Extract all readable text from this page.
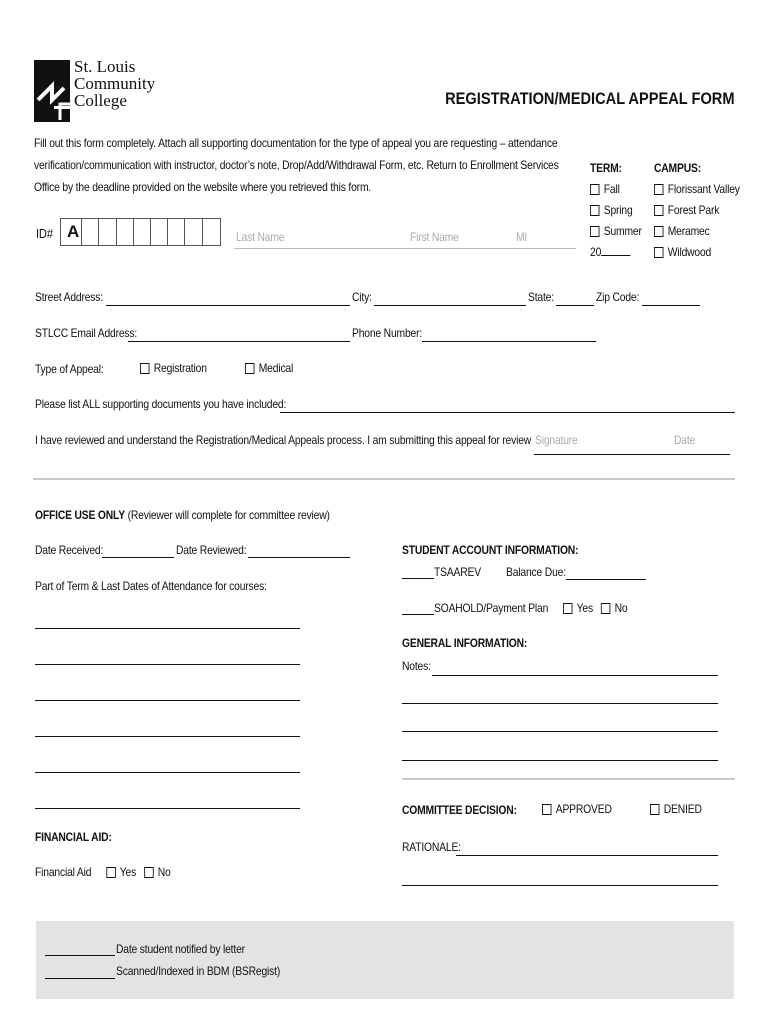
St. Louis
Community
College	REGISTRATION/MEDICAL APPEAL FORM
Fill out this form completely. Attach all supporting documentation for the type of appeal you are requesting – attendance
verification/communication with instructor, doctor’s note, Drop/Add/Withdrawal Form, etc. Return to Enrollment Services
Office by the deadline provided on the website where you retrieved this form.
TERM:
Fall
Spring
Summer
20
CAMPUS:
Florissant Valley
Forest Park
Meramec
Wildwood
ID# A	Last Name	First Name	MI
Street Address:	City:	State:	Zip Code:
STLCC Email Address:	Phone Number:
Type of Appeal:	Registration	Medical
Please list ALL supporting documents you have included:
I have reviewed and understand the Registration/Medical Appeals process. I am submitting this appeal for review Signature	Date
OFFICE USE ONLY (Reviewer will complete for committee review)
Date Received:	Date Reviewed:
Part of Term & Last Dates of Attendance for courses:
FINANCIAL AID:
Financial Aid Yes No
STUDENT ACCOUNT INFORMATION:
TSAAREV Balance Due:
SOAHOLD/Payment Plan Yes No
GENERAL INFORMATION:
Notes:
COMMITTEE DECISION:	APPROVED	DENIED
RATIONALE:
Date student notified by letter
Scanned/Indexed in BDM (BSRegist)
